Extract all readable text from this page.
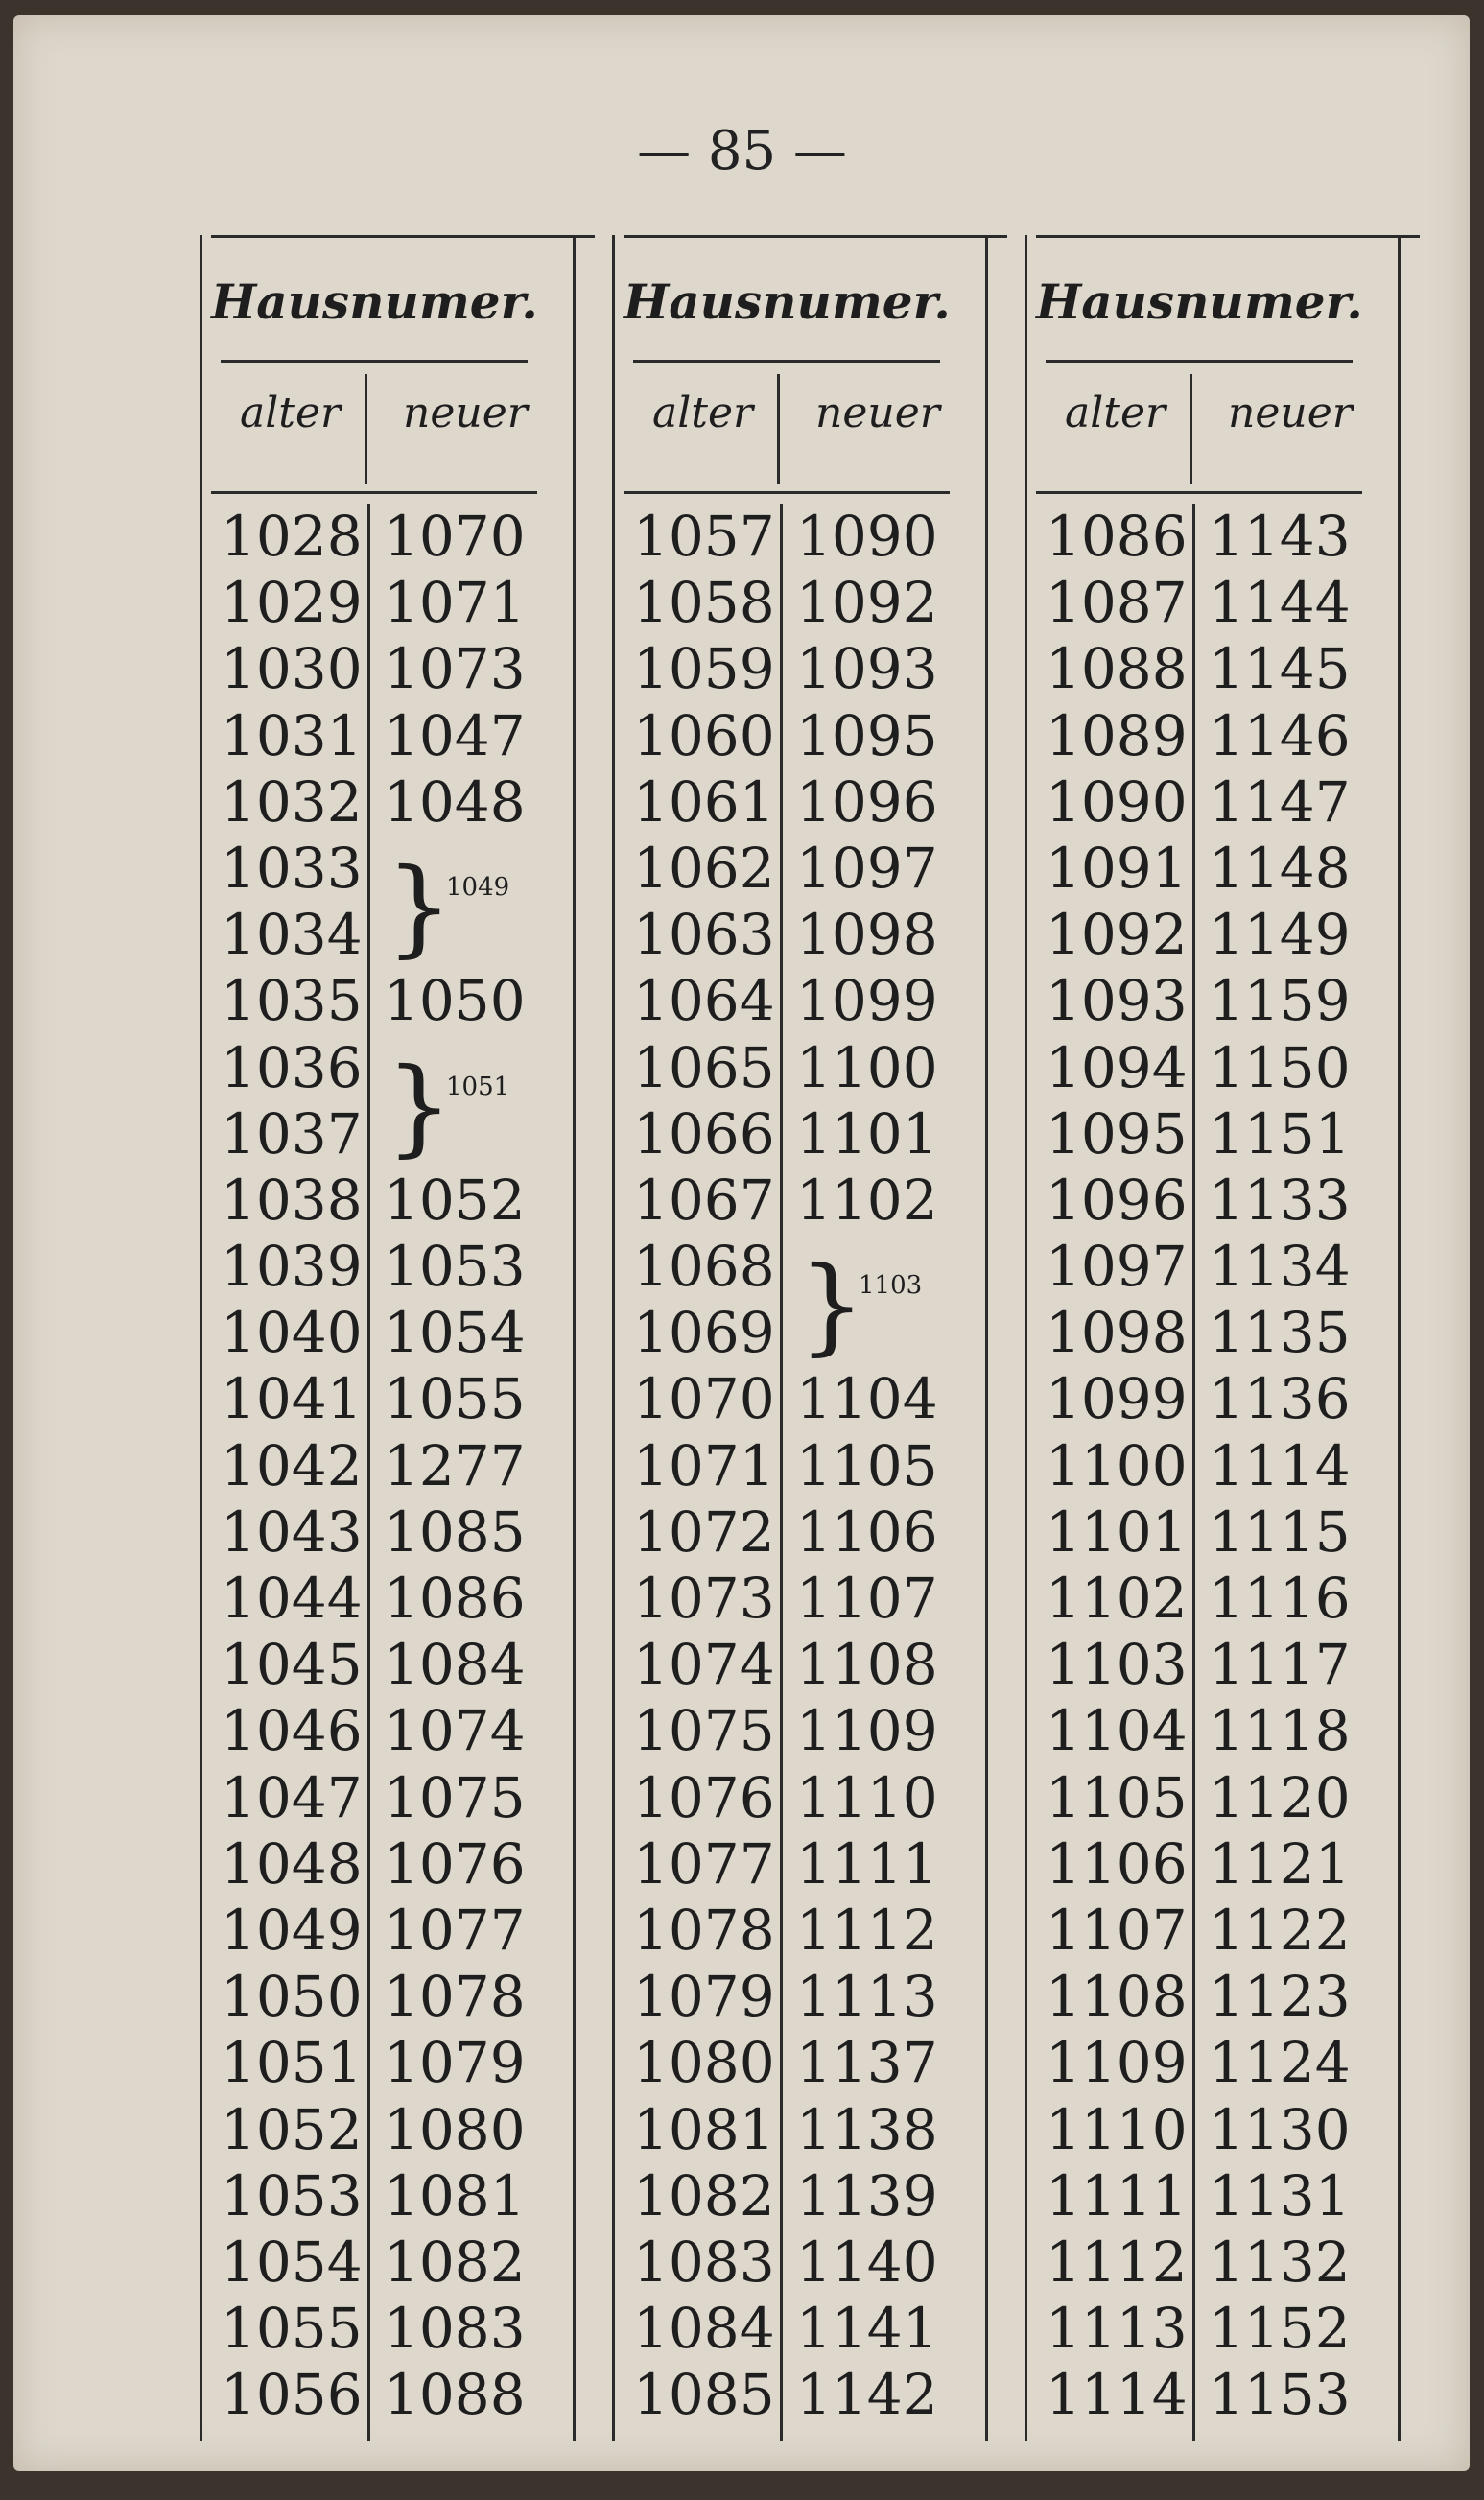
— 85 —
Hausnumer.
alter neuer
1028 1070
1029 1071
1030 1073
1031 1047
1032 1048
1033
1034
1049
}
1035 1050
1036
1037
1051
}
1038 1052
1039 1053
1040 1054
1041 1055
1042 1277
1043 1085
1044 1086
1045 1084
1046 1074
1047 1075
1048 1076
1049 1077
1050 1078
1051 1079
1052 1080
1053 1081
1054 1082
1055 1083
1056 1088
Hausnumer.
alter neuer
1057 1090
1058 1092
1059 1093
1060 1095
1061 1096
1062 1097
1063 1098
1064 1099
1065 1100
1066 1101
1067 1102
1068
1069
1103
}
1070 1104
1071 1105
1072 1106
1073 1107
1074 1108
1075 1109
1076 1110
1077 1111
1078 1112
1079 1113
1080 1137
1081 1138
1082 1139
1083 1140
1084 1141
1085 1142
Hausnumer.
alter neuer
1086 1143
1087 1144
1088 1145
1089 1146
1090 1147
1091 1148
1092 1149
1093 1159
1094 1150
1095 1151
1096 1133
1097 1134
1098 1135
1099 1136
1100 1114
1101 1115
1102 1116
1103 1117
1104 1118
1105 1120
1106 1121
1107 1122
1108 1123
1109 1124
1110 1130
1111 1131
1112 1132
1113 1152
1114 1153
